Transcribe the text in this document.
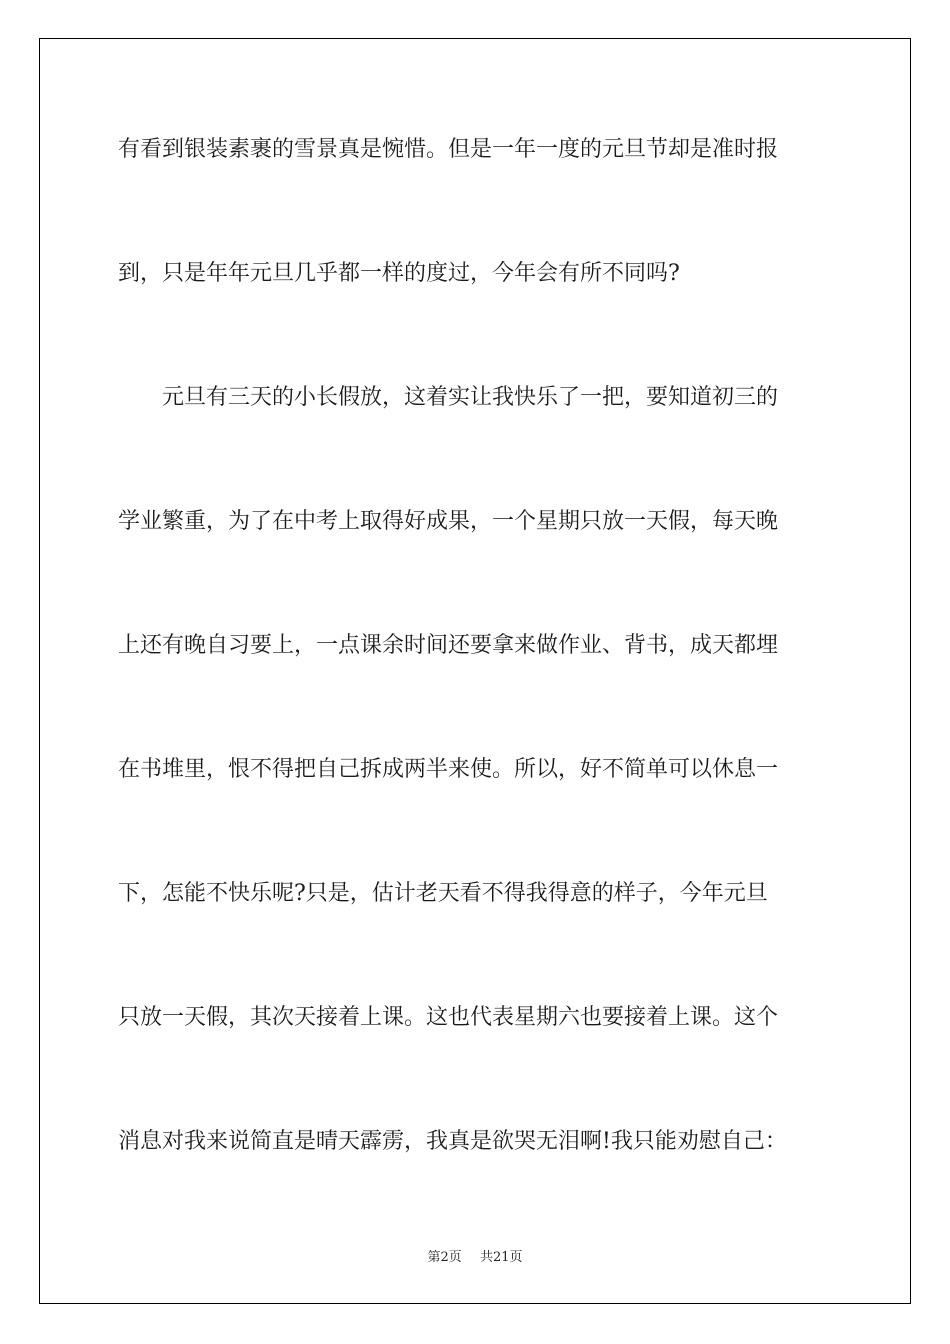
有看到银装素裹的雪景真是惋惜。但是一年一度的元旦节却是准时报
到，只是年年元旦几乎都一样的度过，今年会有所不同吗?
元旦有三天的小长假放，这着实让我快乐了一把，要知道初三的
学业繁重，为了在中考上取得好成果，一个星期只放一天假，每天晚
上还有晚自习要上，一点课余时间还要拿来做作业、背书，成天都埋
在书堆里，恨不得把自己拆成两半来使。所以，好不简单可以休息一
下，怎能不快乐呢?只是，估计老天看不得我得意的样子，今年元旦
只放一天假，其次天接着上课。这也代表星期六也要接着上课。这个
消息对我来说简直是晴天霹雳，我真是欲哭无泪啊!我只能劝慰自己：
第2页 共21页
